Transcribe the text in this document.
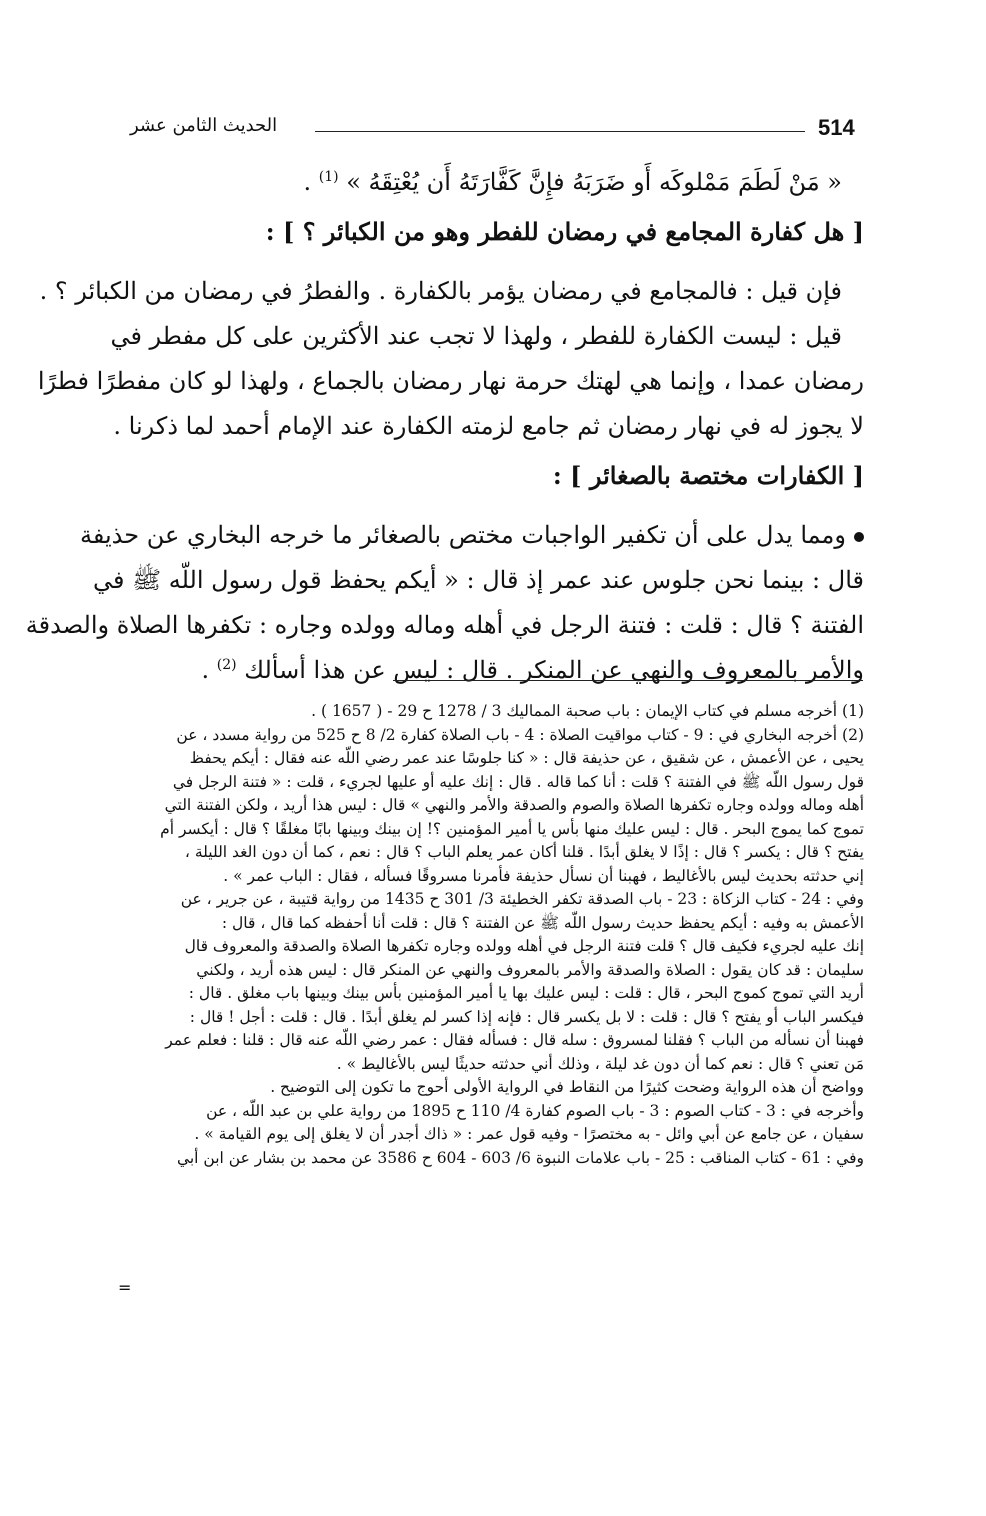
514
الحديث الثامن عشر
« مَنْ لَطَمَ مَمْلوكَه أَو ضَرَبَهُ فإِنَّ كَفَّارَتَهُ أَن يُعْتِقَهُ » $^{(1)}$ .
[ هل كفارة المجامع في رمضان للفطر وهو من الكبائر ؟ ] :
فإن قيل : فالمجامع في رمضان يؤمر بالكفارة . والفطرُ في رمضان من الكبائر ؟ .
قيل : ليست الكفارة للفطر ، ولهذا لا تجب عند الأكثرين على كل مفطر في
رمضان عمدا ، وإنما هي لهتك حرمة نهار رمضان بالجماع ، ولهذا لو كان مفطرًا فطرًا
لا يجوز له في نهار رمضان ثم جامع لزمته الكفارة عند الإمام أحمد لما ذكرنا .
[ الكفارات مختصة بالصغائر ] :
ومما يدل على أن تكفير الواجبات مختص بالصغائر ما خرجه البخاري عن حذيفة
قال : بينما نحن جلوس عند عمر إذ قال : « أيكم يحفظ قول رسول اللّه ﷺ في
الفتنة ؟ قال : قلت : فتنة الرجل في أهله وماله وولده وجاره : تكفرها الصلاة والصدقة
والأمر بالمعروف والنهي عن المنكر . قال : ليس عن هذا أسألك $^{(2)}$ .
(1) أخرجه مسلم في كتاب الإيمان : باب صحبة المماليك 3 / 1278 ح 29 - ( 1657 ) .
(2) أخرجه البخاري في : 9 - كتاب مواقيت الصلاة : 4 - باب الصلاة كفارة 2/ 8 ح 525 من رواية مسدد ، عن
يحيى ، عن الأعمش ، عن شقيق ، عن حذيفة قال : « كنا جلوسًا عند عمر رضي اللّه عنه فقال : أيكم يحفظ
قول رسول اللّه ﷺ في الفتنة ؟ قلت : أنا كما قاله . قال : إنك عليه أو عليها لجريء ، قلت : « فتنة الرجل في
أهله وماله وولده وجاره تكفرها الصلاة والصوم والصدقة والأمر والنهي » قال : ليس هذا أريد ، ولكن الفتنة التي
تموج كما يموج البحر . قال : ليس عليك منها بأس يا أمير المؤمنين ؟! إن بينك وبينها بابًا مغلقًا ؟ قال : أيكسر أم
يفتح ؟ قال : يكسر ؟ قال : إذًا لا يغلق أبدًا . قلنا أكان عمر يعلم الباب ؟ قال : نعم ، كما أن دون الغد الليلة ،
إني حدثته بحديث ليس بالأغاليط ، فهبنا أن نسأل حذيفة فأمرنا مسروقًا فسأله ، فقال : الباب عمر » .
وفي : 24 - كتاب الزكاة : 23 - باب الصدقة تكفر الخطيئة 3/ 301 ح 1435 من رواية قتيبة ، عن جرير ، عن
الأعمش به وفيه : أيكم يحفظ حديث رسول اللّه ﷺ عن الفتنة ؟ قال : قلت أنا أحفظه كما قال ، قال :
إنك عليه لجريء فكيف قال ؟ قلت فتنة الرجل في أهله وولده وجاره تكفرها الصلاة والصدقة والمعروف قال
سليمان : قد كان يقول : الصلاة والصدقة والأمر بالمعروف والنهي عن المنكر قال : ليس هذه أريد ، ولكني
أريد التي تموج كموج البحر ، قال : قلت : ليس عليك بها يا أمير المؤمنين بأس بينك وبينها باب مغلق . قال :
فيكسر الباب أو يفتح ؟ قال : قلت : لا بل يكسر قال : فإنه إذا كسر لم يغلق أبدًا . قال : قلت : أجل ! قال :
فهبنا أن نسأله من الباب ؟ فقلنا لمسروق : سله قال : فسأله فقال : عمر رضي اللّه عنه قال : قلنا : فعلم عمر
مَن تعني ؟ قال : نعم كما أن دون غد ليلة ، وذلك أني حدثته حديثًا ليس بالأغاليط » .
وواضح أن هذه الرواية وضحت كثيرًا من النقاط في الرواية الأولى أحوج ما تكون إلى التوضيح .
وأخرجه في : 3 - كتاب الصوم : 3 - باب الصوم كفارة 4/ 110 ح 1895 من رواية علي بن عبد اللّه ، عن
سفيان ، عن جامع عن أبي وائل - به مختصرًا - وفيه قول عمر : « ذاك أجدر أن لا يغلق إلى يوم القيامة » .
وفي : 61 - كتاب المناقب : 25 - باب علامات النبوة 6/ 603 - 604 ح 3586 عن محمد بن بشار عن ابن أبي
=
